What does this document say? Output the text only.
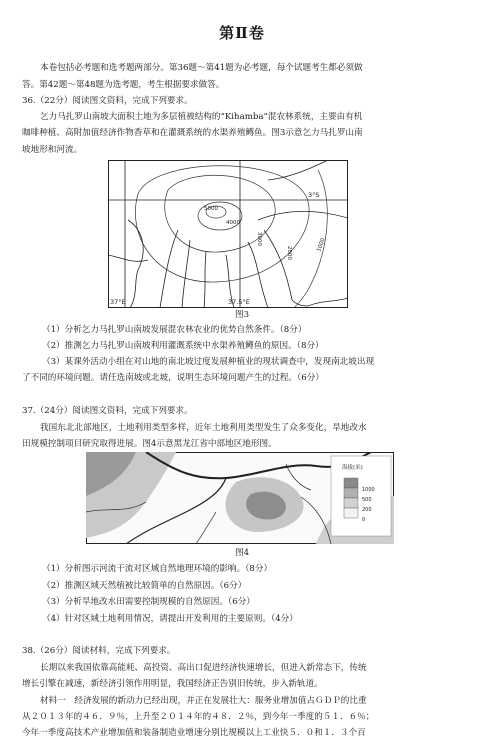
第Ⅱ卷
本卷包括必考题和选考题两部分。第36题～第41题为必考题，每个试题考生都必须做
答。第42题～第48题为选考题，考生根据要求做答。
36.（22分）阅读图文资料，完成下列要求。
乞力马扎罗山南坡大面积土地为多层植被结构的“Kihamba”混农林系统，主要由有机
咖啡种植、高附加值经济作物香草和在灌溉系统的水渠养殖鳟鱼。图3示意乞力马扎罗山南
坡地形和河流。
3°S
37°E	37.5°E
5000
4000
3000
2000
1000
图3
（1）分析乞力马扎罗山南坡发展混农林农业的优势自然条件。（8分）
（2）推测乞力马扎罗山南坡利用灌溉系统中水渠养殖鳟鱼的原因。（8分）
（3）某课外活动小组在对山地的南北坡过度发展种植业的现状调查中，发现南北坡出现
了不同的环境问题。请任选南坡或北坡，说明生态环境问题产生的过程。（6分）
37.（24分）阅读图文资料，完成下列要求。
我国东北北部地区，土地利用类型多样，近年土地利用类型发生了众多变化，旱地改水
田规模控制项目研究取得进展。图4示意黑龙江省中部地区地形图。
海拔(米)
1000
500
200
0
图4
（1）分析图示河流干流对区域自然地理环境的影响。（8分）
（2）推测区域天然植被比较简单的自然原因。（6分）
（3）分析旱地改水田需要控制规模的自然原因。（6分）
（4）针对区域土地利用情况，请提出开发利用的主要原则。（4分）
38.（26分）阅读材料，完成下列要求。
长期以来我国依靠高能耗、高投资、高出口促进经济快速增长，但进入新常态下，传统
增长引擎在减速，新经济引领作用明显，我国经济正告别旧传统，步入新轨道。
材料一　经济发展的新动力已经出现，并正在发展壮大：服务业增加值占ＧＤＰ的比重
从２０１３年的４６．９％，上升至２０１４年的４８．２％，到今年一季度的５１．６％；
今年一季度高技术产业增加值和装备制造业增速分别比规模以上工业快５．０和１．３个百
